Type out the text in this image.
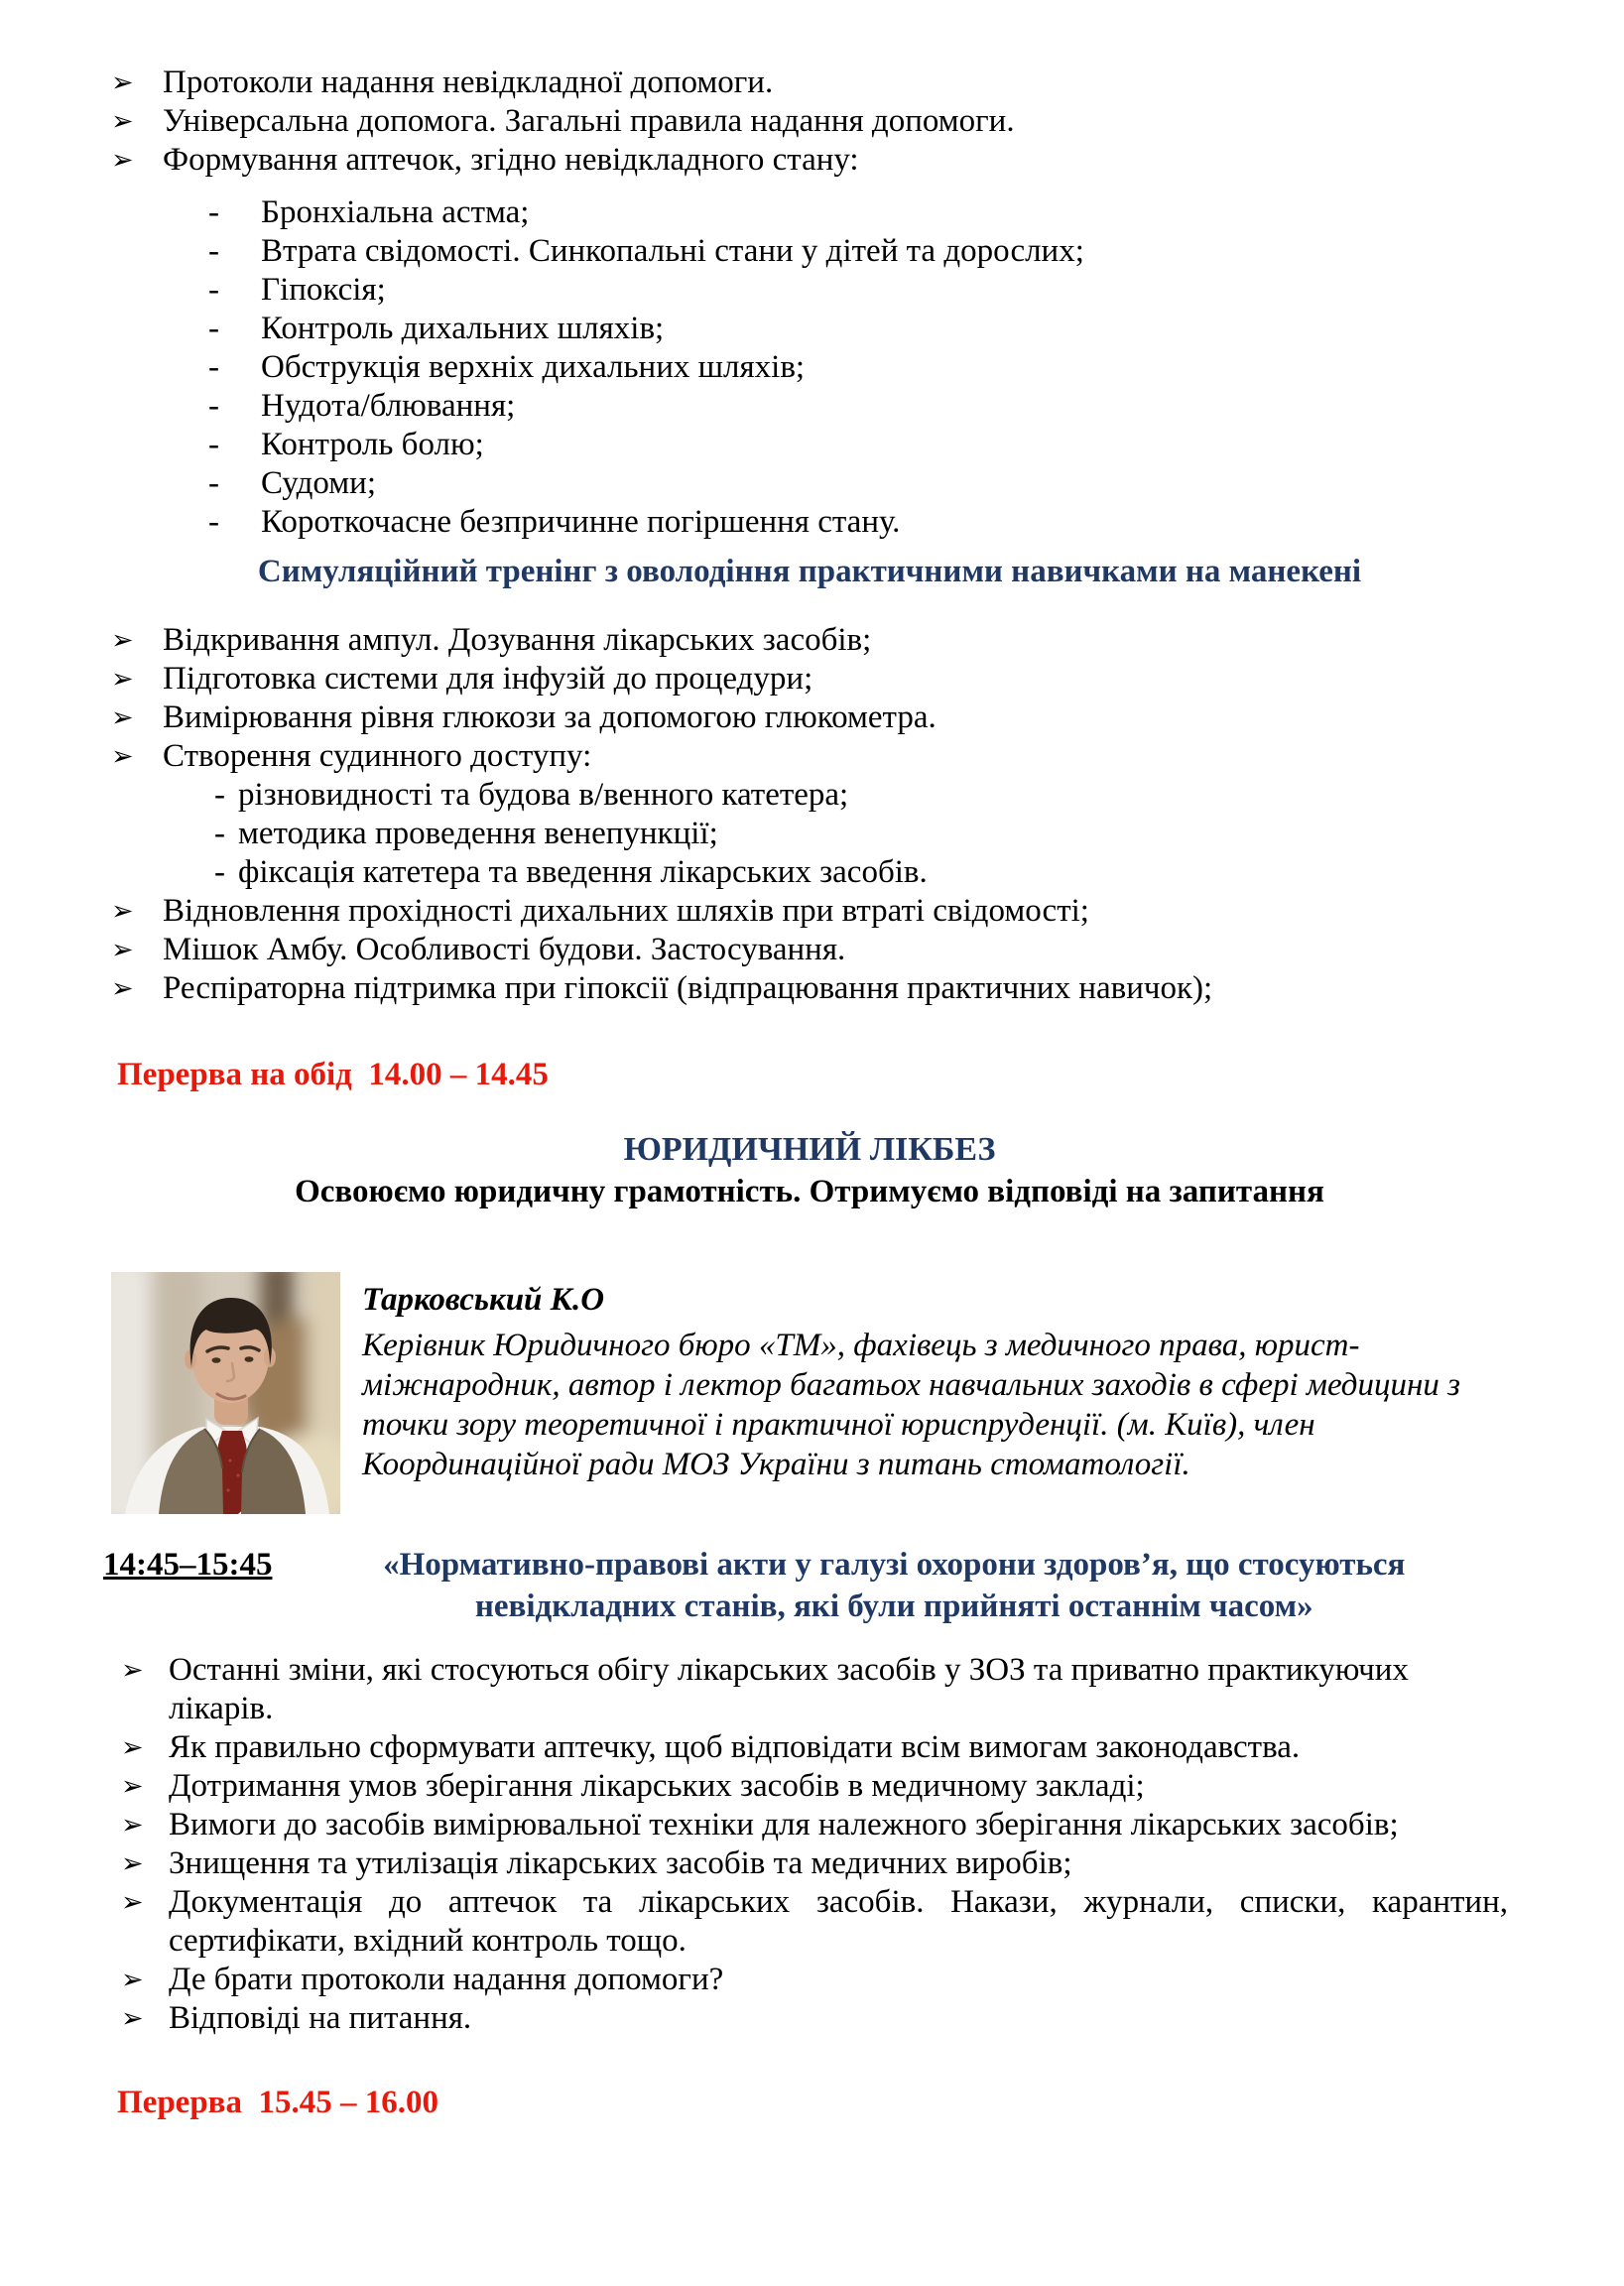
➢ Протоколи надання невідкладної допомоги.
➢ Універсальна допомога. Загальні правила надання допомоги.
➢ Формування аптечок, згідно невідкладного стану:
-	Бронхіальна астма;
-	Втрата свідомості. Синкопальні стани у дітей та дорослих;
-	Гіпоксія;
-	Контроль дихальних шляхів;
-	Обструкція верхніх дихальних шляхів;
-	Нудота/блювання;
-	Контроль болю;
-	Судоми;
-	Короткочасне безпричинне погіршення стану.
Симуляційний тренінг з оволодіння практичними навичками на манекені
➢ Відкривання ампул. Дозування лікарських засобів;
➢ Підготовка системи для інфузій до процедури;
➢ Вимірювання рівня глюкози за допомогою глюкометра.
➢ Створення судинного доступу:
- різновидності та будова в/венного катетера;
- методика проведення венепункції;
- фіксація катетера та введення лікарських засобів.
➢ Відновлення прохідності дихальних шляхів при втраті свідомості;
➢ Мішок Амбу. Особливості будови. Застосування.
➢ Респіраторна підтримка при гіпоксії (відпрацювання практичних навичок);

Перерва на обід  14.00 – 14.45

ЮРИДИЧНИЙ ЛІКБЕЗ
Освоюємо юридичну грамотність. Отримуємо відповіді на запитання
Тарковський К.О
Керівник Юридичного бюро «ТМ», фахівець з медичного права, юрист-міжнародник, автор і лектор багатьох навчальних заходів в сфері медицини з точки зору теоретичної і практичної юриспруденції. (м. Київ), член Координаційної ради МОЗ України з питань стоматології.
14:45–15:45	«Нормативно-правові акти у галузі охорони здоров’я, що стосуються
невідкладних станів, які були прийняті останнім часом»
➢ Останні зміни, які стосуються обігу лікарських засобів у ЗОЗ та приватно практикуючих лікарів.
➢ Як правильно сформувати аптечку, щоб відповідати всім вимогам законодавства.
➢ Дотримання умов зберігання лікарських засобів в медичному закладі;
➢ Вимоги до засобів вимірювальної техніки для належного зберігання лікарських засобів;
➢ Знищення та утилізація лікарських засобів та медичних виробів;
➢ Документація до аптечок та лікарських засобів. Накази, журнали, списки, карантин, сертифікати, вхідний контроль тощо.
➢ Де брати протоколи надання допомоги?
➢ Відповіді на питання.

Перерва  15.45 – 16.00
